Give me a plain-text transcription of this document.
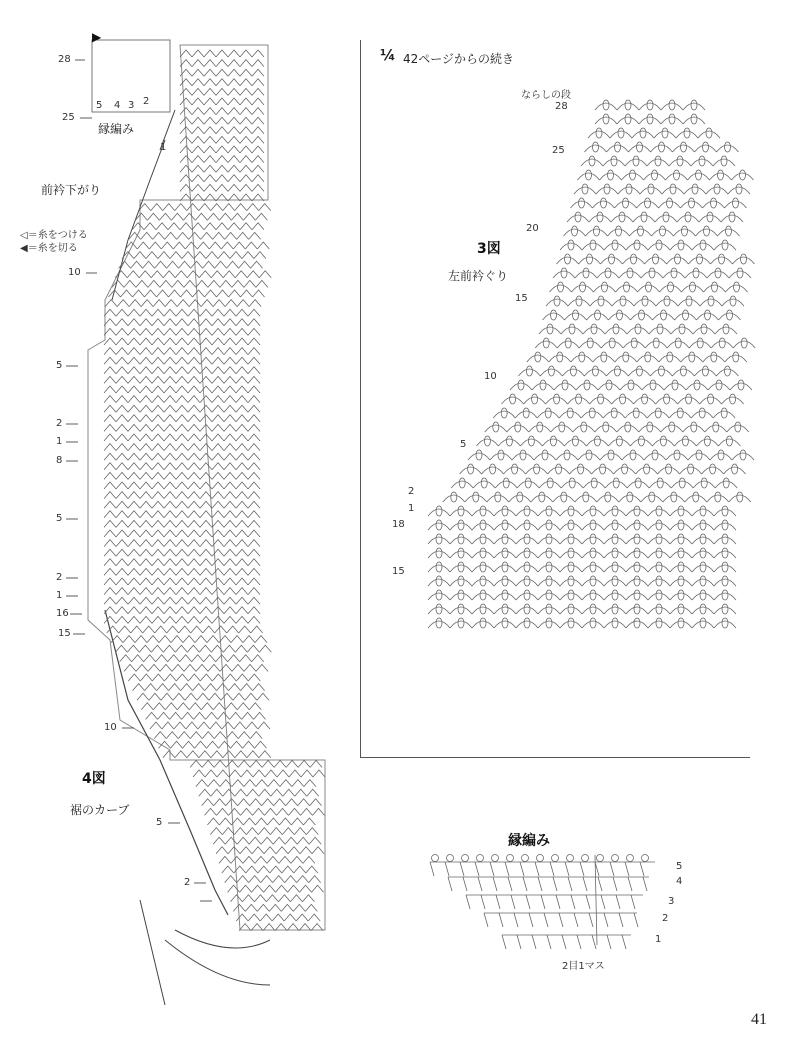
▶
28
25
5 4 3 2
1
縁編み
前衿下がり
◁＝糸をつける
◀＝糸を切る
10
5
2
1
8
5
2
1
16
15
10
5
2
4図
裾のカーブ
¼ 42ページからの続き
ならしの段
28
25
20
15
10
5
2
1
18
15
3図
左前衿ぐり
縁編み
5
4
3
2
1
2目1マス
41
